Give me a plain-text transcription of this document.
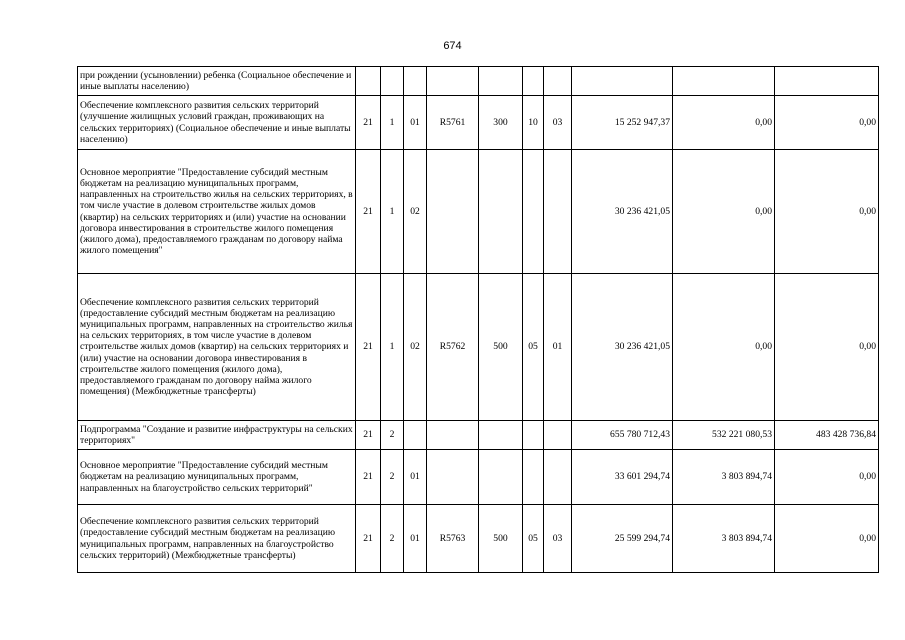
674
при рождении (усыновлении) ребенка (Социальное обеспечение и иные выплаты населению)										
Обеспечение комплексного развития сельских территорий (улучшение жилищных условий граждан, проживающих на сельских территориях) (Социальное обеспечение и иные выплаты населению)	21	1	01	R5761	300	10	03	15 252 947,37	0,00	0,00
Основное мероприятие "Предоставление субсидий местным бюджетам на реализацию муниципальных программ, направленных на строительство жилья на сельских территориях, в том числе участие в долевом строительстве жилых домов (квартир) на сельских территориях и (или) участие на основании договора инвестирования в строительстве жилого помещения (жилого дома), предоставляемого гражданам по договору найма жилого помещения"	21	1	02					30 236 421,05	0,00	0,00
Обеспечение комплексного развития сельских территорий (предоставление субсидий местным бюджетам на реализацию муниципальных программ, направленных на строительство жилья на сельских территориях, в том числе участие в долевом строительстве жилых домов (квартир) на сельских территориях и (или) участие на основании договора инвестирования в строительстве жилого помещения (жилого дома), предоставляемого гражданам по договору найма жилого помещения) (Межбюджетные трансферты)	21	1	02	R5762	500	05	01	30 236 421,05	0,00	0,00
Подпрограмма "Создание и развитие инфраструктуры на сельских территориях"	21	2						655 780 712,43	532 221 080,53	483 428 736,84
Основное мероприятие "Предоставление субсидий местным бюджетам на реализацию муниципальных программ, направленных на благоустройство сельских территорий"	21	2	01					33 601 294,74	3 803 894,74	0,00
Обеспечение комплексного развития сельских территорий (предоставление субсидий местным бюджетам на реализацию муниципальных программ, направленных на благоустройство сельских территорий) (Межбюджетные трансферты)	21	2	01	R5763	500	05	03	25 599 294,74	3 803 894,74	0,00
